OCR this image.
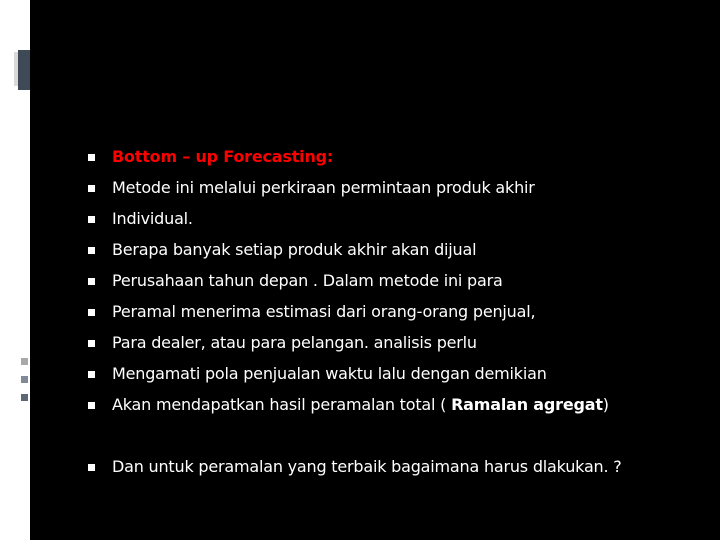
Bottom – up Forecasting:
Metode ini melalui perkiraan permintaan produk akhir
Individual.
Berapa banyak setiap produk akhir akan dijual
Perusahaan tahun depan . Dalam metode ini para
Peramal menerima estimasi dari orang-orang penjual,
Para dealer, atau para pelangan. analisis perlu
Mengamati pola penjualan waktu lalu dengan demikian
Akan mendapatkan hasil peramalan total ( Ramalan agregat)
Dan untuk peramalan yang terbaik bagaimana harus dlakukan. ?
